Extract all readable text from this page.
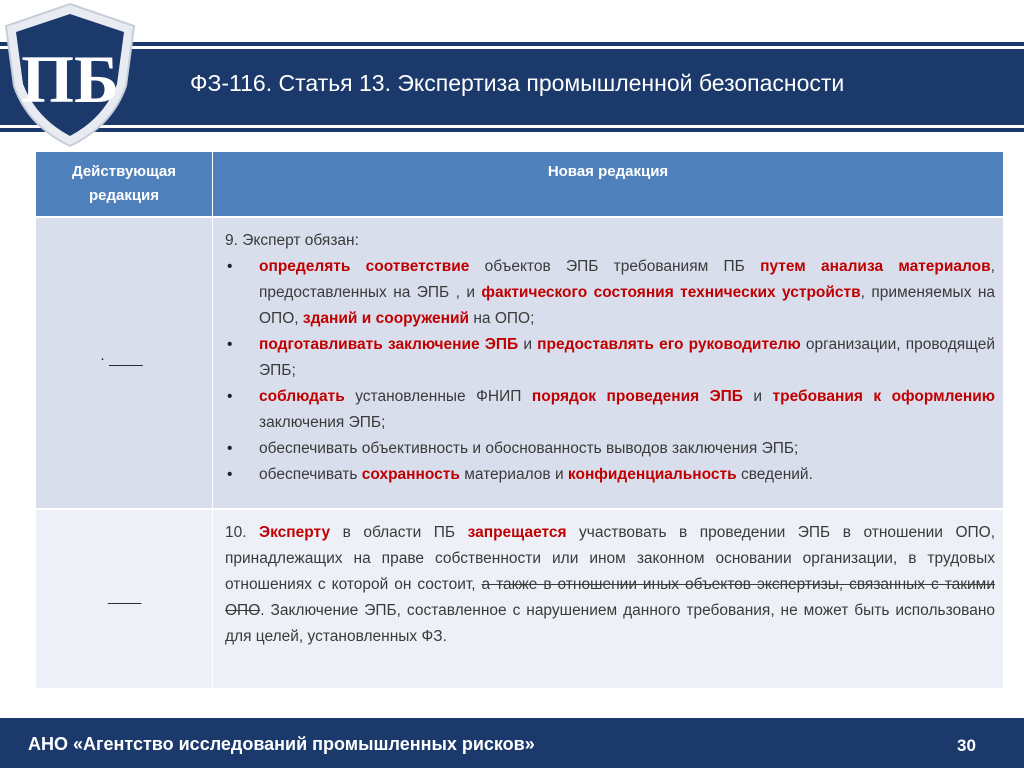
ПБ	ФЗ-116. Статья 13. Экспертиза промышленной безопасности
Действующая редакция
Новая редакция
· ____

9. Эксперт обязан:

• определять соответствие объектов ЭПБ требованиям ПБ путем анализа материалов, предоставленных на ЭПБ , и фактического состояния технических устройств, применяемых на ОПО, зданий и сооружений на ОПО;
• подготавливать заключение ЭПБ и предоставлять его руководителю организации, проводящей ЭПБ;
• соблюдать установленные ФНИП порядок проведения ЭПБ и требования к оформлению заключения ЭПБ;
• обеспечивать объективность и обоснованность выводов заключения ЭПБ;
• обеспечивать сохранность материалов и конфиденциальность сведений.
____

10. Эксперту в области ПБ запрещается участвовать в проведении ЭПБ в отношении ОПО, принадлежащих на праве собственности или ином законном основании организации, в трудовых отношениях с которой он состоит, а также в отношении иных объектов экспертизы, связанных с такими ОПО. Заключение ЭПБ, составленное с нарушением данного требования, не может быть использовано для целей, установленных ФЗ.

АНО «Агентство исследований промышленных рисков»	30
